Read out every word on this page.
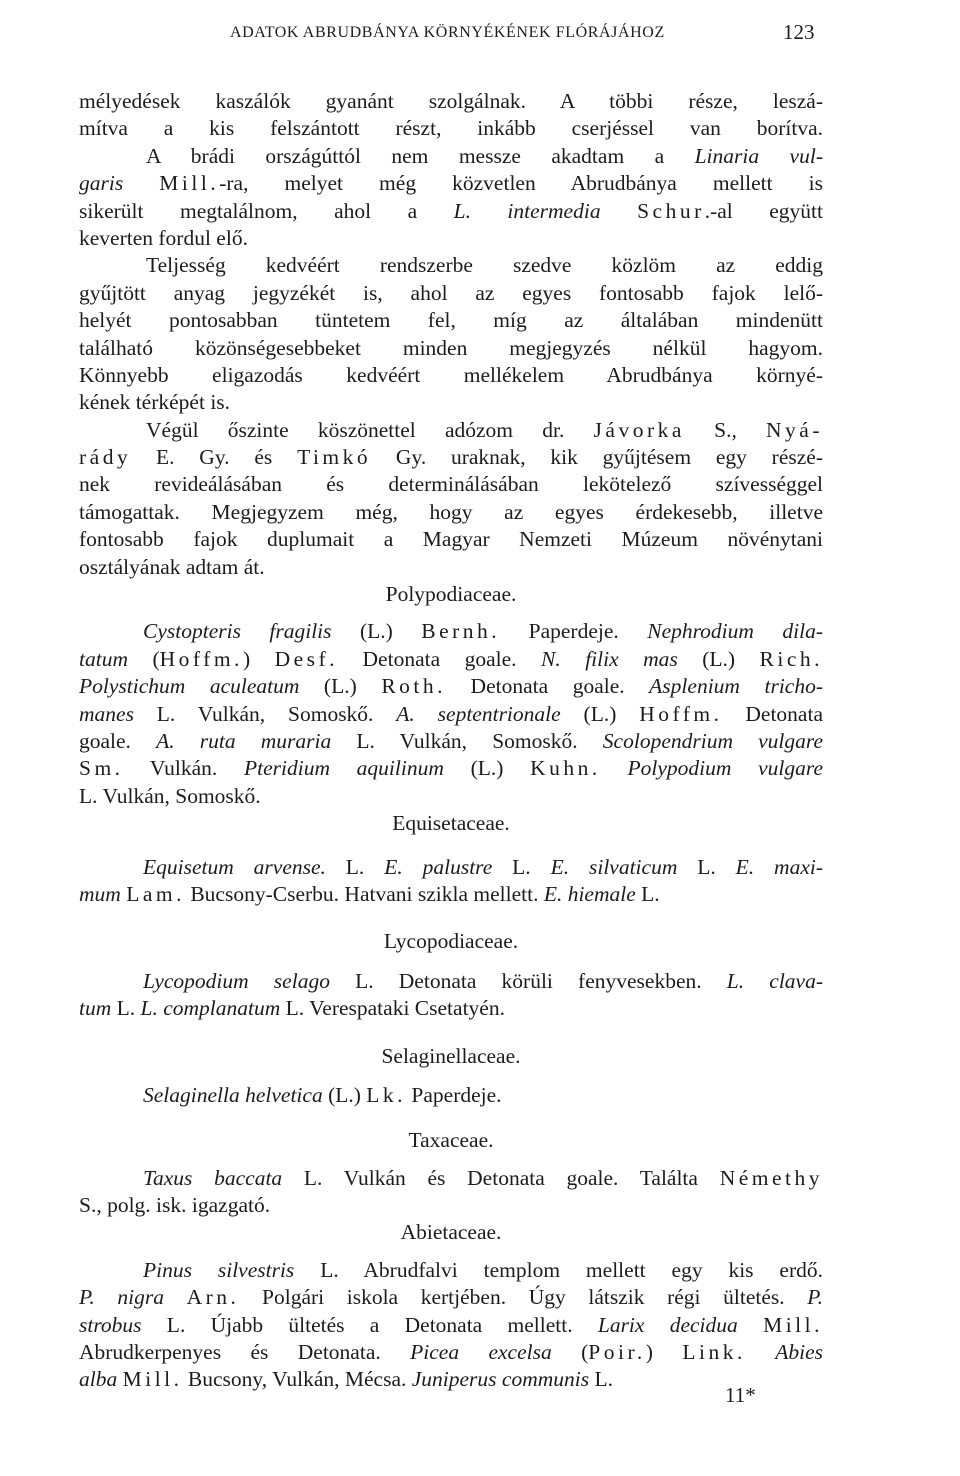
ADATOK ABRUDBÁNYA KÖRNYÉKÉNEK FLÓRÁJÁHOZ	123
mélyedések kaszálók gyanánt szolgálnak. A többi része, leszá-
mítva a kis felszántott részt, inkább cserjéssel van borítva.
A brádi országúttól nem messze akadtam a Linaria vul-
garis Mill.-ra, melyet még közvetlen Abrudbánya mellett is
sikerült megtalálnom, ahol a L. intermedia Schur.-al együtt
keverten fordul elő.
Teljesség kedvéért rendszerbe szedve közlöm az eddig
gyűjtött anyag jegyzékét is, ahol az egyes fontosabb fajok lelő-
helyét pontosabban tüntetem fel, míg az általában mindenütt
található közönségesebbeket minden megjegyzés nélkül hagyom.
Könnyebb eligazodás kedvéért mellékelem Abrudbánya környé-
kének térképét is.
Végül őszinte köszönettel adózom dr. Jávorka S., Nyá-
rády E. Gy. és Timkó Gy. uraknak, kik gyűjtésem egy részé-
nek revideálásában és determinálásában lekötelező szívességgel
támogattak. Megjegyzem még, hogy az egyes érdekesebb, illetve
fontosabb fajok duplumait a Magyar Nemzeti Múzeum növénytani
osztályának adtam át.
Polypodiaceae.
Cystopteris fragilis (L.) Bernh. Paperdeje. Nephrodium dila-
tatum (Hoffm.) Desf. Detonata goale. N. filix mas (L.) Rich.
Polystichum aculeatum (L.) Roth. Detonata goale. Asplenium tricho-
manes L. Vulkán, Somoskő. A. septentrionale (L.) Hoffm. Detonata
goale. A. ruta muraria L. Vulkán, Somoskő. Scolopendrium vulgare
Sm. Vulkán. Pteridium aquilinum (L.) Kuhn. Polypodium vulgare
L. Vulkán, Somoskő.
Equisetaceae.
Equisetum arvense. L. E. palustre L. E. silvaticum L. E. maxi-
mum Lam. Bucsony-Cserbu. Hatvani szikla mellett. E. hiemale L.
Lycopodiaceae.
Lycopodium selago L. Detonata körüli fenyvesekben. L. clava-
tum L. L. complanatum L. Verespataki Csetatyén.
Selaginellaceae.
Selaginella helvetica (L.) Lk. Paperdeje.
Taxaceae.
Taxus baccata L. Vulkán és Detonata goale. Találta Némethy
S., polg. isk. igazgató.
Abietaceae.
Pinus silvestris L. Abrudfalvi templom mellett egy kis erdő.
P. nigra Arn. Polgári iskola kertjében. Úgy látszik régi ültetés. P.
strobus L. Újabb ültetés a Detonata mellett. Larix decidua Mill.
Abrudkerpenyes és Detonata. Picea excelsa (Poir.) Link. Abies
alba Mill. Bucsony, Vulkán, Mécsa. Juniperus communis L.
11*
